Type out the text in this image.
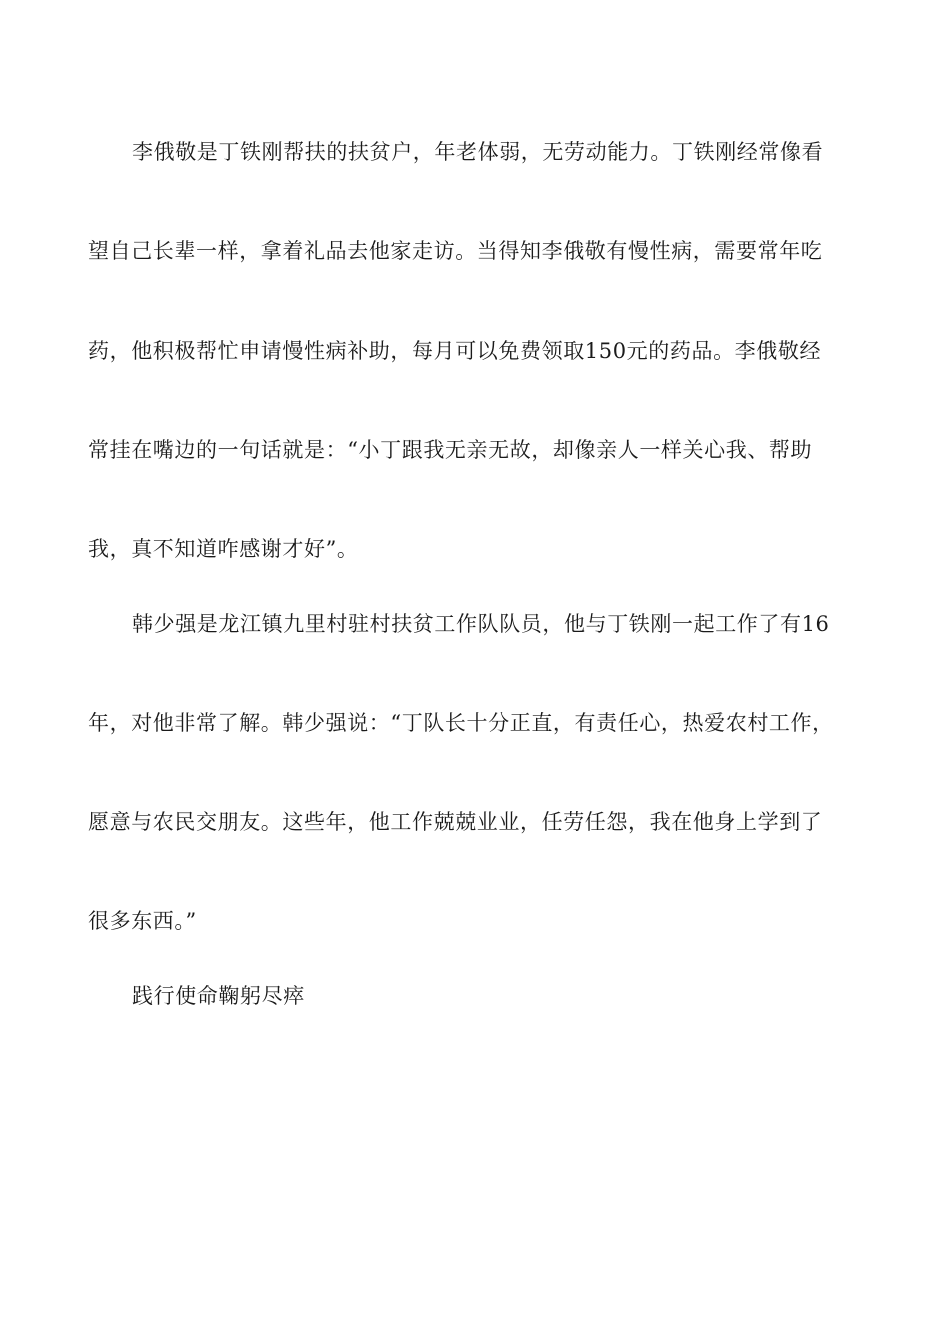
李俄敬是丁铁刚帮扶的扶贫户，年老体弱，无劳动能力。丁铁刚经常像看
望自己长辈一样，拿着礼品去他家走访。当得知李俄敬有慢性病，需要常年吃
药，他积极帮忙申请慢性病补助，每月可以免费领取150元的药品。李俄敬经
常挂在嘴边的一句话就是：“小丁跟我无亲无故，却像亲人一样关心我、帮助
我，真不知道咋感谢才好”。
韩少强是龙江镇九里村驻村扶贫工作队队员，他与丁铁刚一起工作了有16
年，对他非常了解。韩少强说：“丁队长十分正直，有责任心，热爱农村工作，
愿意与农民交朋友。这些年，他工作兢兢业业，任劳任怨，我在他身上学到了
很多东西。”
践行使命鞠躬尽瘁
